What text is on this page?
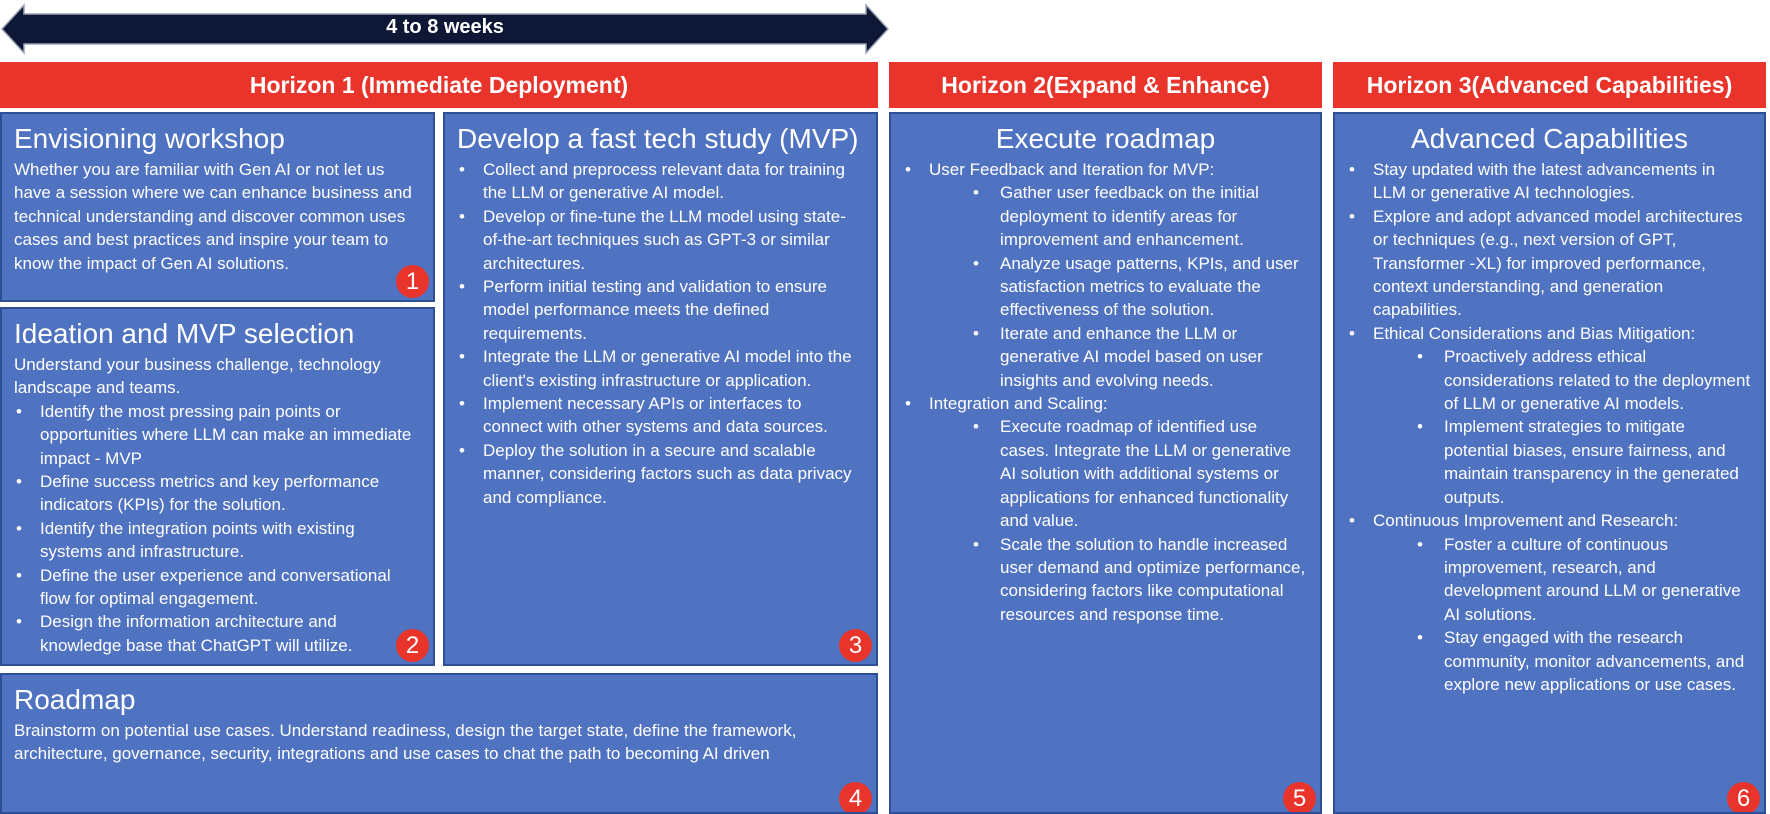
4 to 8 weeks
Horizon 1 (Immediate Deployment)	Horizon 2(Expand & Enhance)	Horizon 3(Advanced Capabilities)
Envisioning workshop
Whether you are familiar with Gen AI or not let us have a session where we can enhance business and technical understanding and discover common uses cases and best practices and inspire your team to know the impact of Gen AI solutions.
1
Ideation and MVP selection
Understand your business challenge, technology landscape and teams.
• Identify the most pressing pain points or opportunities where LLM can make an immediate impact - MVP
• Define success metrics and key performance indicators (KPIs) for the solution.
• Identify the integration points with existing systems and infrastructure.
• Define the user experience and conversational flow for optimal engagement.
• Design the information architecture and knowledge base that ChatGPT will utilize.	2
Develop a fast tech study (MVP)
• Collect and preprocess relevant data for training the LLM or generative AI model.
• Develop or fine-tune the LLM model using state-of-the-art techniques such as GPT-3 or similar architectures.
• Perform initial testing and validation to ensure model performance meets the defined requirements.
• Integrate the LLM or generative AI model into the client's existing infrastructure or application.
• Implement necessary APIs or interfaces to connect with other systems and data sources.
• Deploy the solution in a secure and scalable manner, considering factors such as data privacy and compliance.
3
Roadmap
Brainstorm on potential use cases. Understand readiness, design the target state, define the framework, architecture, governance, security, integrations and use cases to chat the path to becoming AI driven
4
Execute roadmap
• User Feedback and Iteration for MVP:
• Gather user feedback on the initial deployment to identify areas for improvement and enhancement.
• Analyze usage patterns, KPIs, and user satisfaction metrics to evaluate the effectiveness of the solution.
• Iterate and enhance the LLM or generative AI model based on user insights and evolving needs.
• Integration and Scaling:
• Execute roadmap of identified use cases. Integrate the LLM or generative AI solution with additional systems or applications for enhanced functionality and value.
• Scale the solution to handle increased user demand and optimize performance, considering factors like computational resources and response time.
5
Advanced Capabilities
• Stay updated with the latest advancements in LLM or generative AI technologies.
• Explore and adopt advanced model architectures or techniques (e.g., next version of GPT, Transformer -XL) for improved performance, context understanding, and generation capabilities.
• Ethical Considerations and Bias Mitigation:
• Proactively address ethical considerations related to the deployment of LLM or generative AI models.
• Implement strategies to mitigate potential biases, ensure fairness, and maintain transparency in the generated outputs.
• Continuous Improvement and Research:
• Foster a culture of continuous improvement, research, and development around LLM or generative AI solutions.
• Stay engaged with the research community, monitor advancements, and explore new applications or use cases.
6
